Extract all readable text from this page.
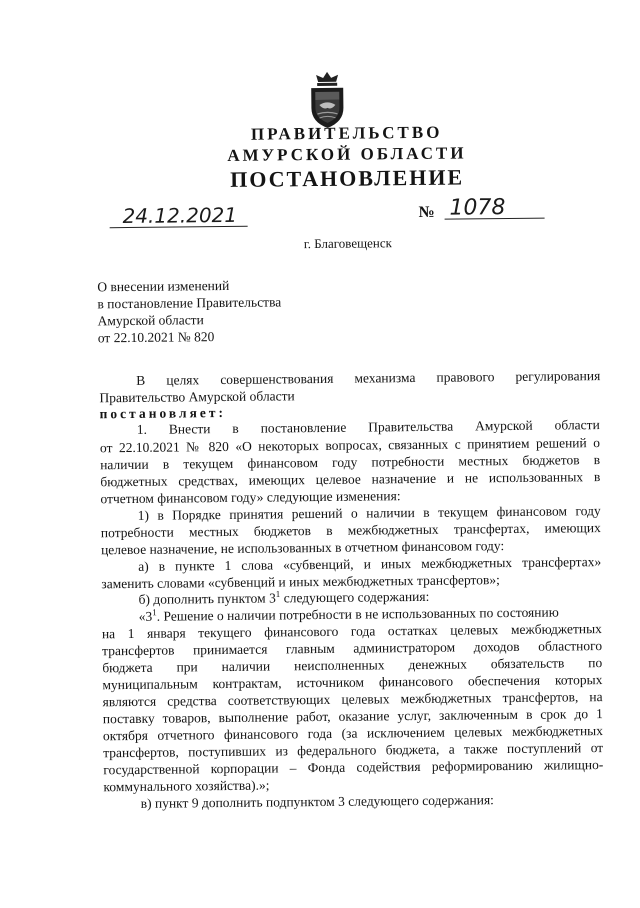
ПРАВИТЕЛЬСТВО
АМУРСКОЙ ОБЛАСТИ
ПОСТАНОВЛЕНИЕ
24.12.2021	№ 1078
г. Благовещенск
О внесении изменений
в постановление Правительства
Амурской области
от 22.10.2021 № 820
В целях совершенствования механизма правового регулирования
Правительство Амурской области
постановляет:
1. Внести в постановление Правительства Амурской области
от 22.10.2021 № 820 «О некоторых вопросах, связанных с принятием решений о
наличии в текущем финансовом году потребности местных бюджетов в
бюджетных средствах, имеющих целевое назначение и не использованных в
отчетном финансовом году» следующие изменения:
1) в Порядке принятия решений о наличии в текущем финансовом году
потребности местных бюджетов в межбюджетных трансфертах, имеющих
целевое назначение, не использованных в отчетном финансовом году:
а) в пункте 1 слова «субвенций, и иных межбюджетных трансфертах»
заменить словами «субвенций и иных межбюджетных трансфертов»;
б) дополнить пунктом $3^1$ следующего содержания:
«$3^1$. Решение о наличии потребности в не использованных по состоянию
на 1 января текущего финансового года остатках целевых межбюджетных
трансфертов принимается главным администратором доходов областного
бюджета при наличии неисполненных денежных обязательств по
муниципальным контрактам, источником финансового обеспечения которых
являются средства соответствующих целевых межбюджетных трансфертов, на
поставку товаров, выполнение работ, оказание услуг, заключенным в срок до 1
октября отчетного финансового года (за исключением целевых межбюджетных
трансфертов, поступивших из федерального бюджета, а также поступлений от
государственной корпорации – Фонда содействия реформированию жилищно-
коммунального хозяйства).»;
в) пункт 9 дополнить подпунктом 3 следующего содержания:
